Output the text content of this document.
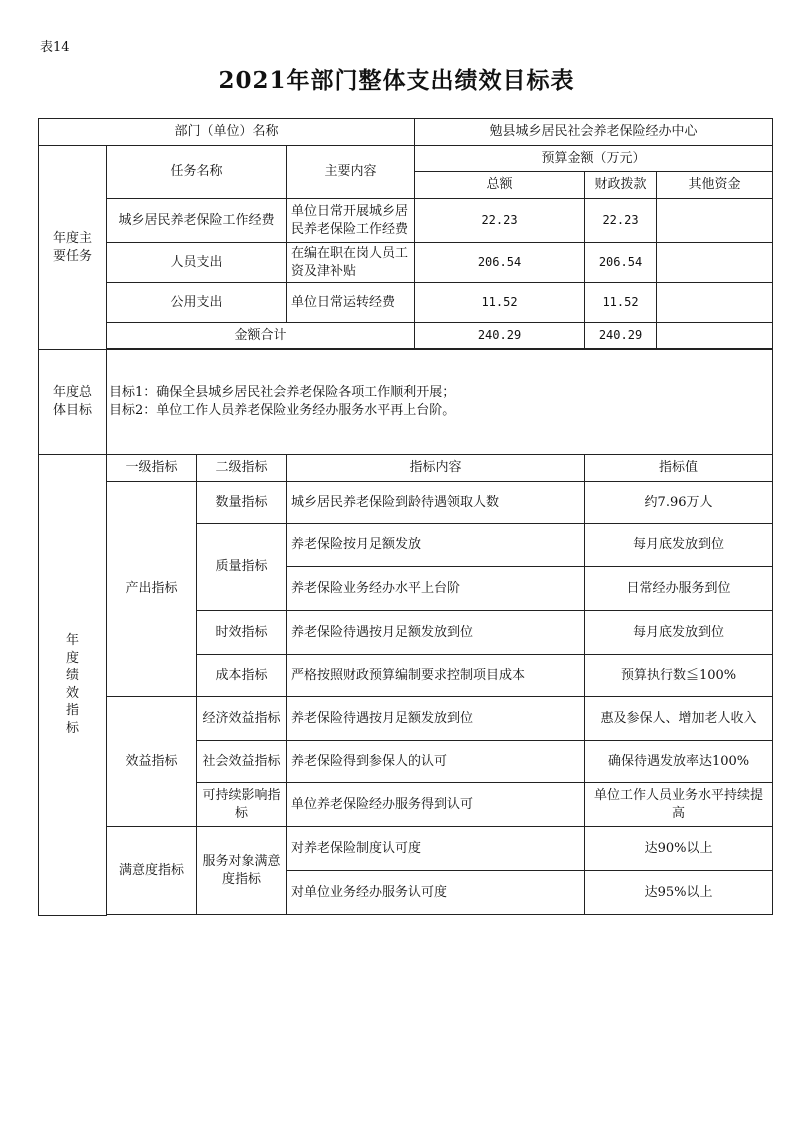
表14
2021年部门整体支出绩效目标表
部门（单位）名称				勉县城乡居民社会养老保险经办中心		
年度主要任务	任务名称		主要内容	预算金额（万元）		
				总额	财政拨款	其他资金
	城乡居民养老保险工作经费		单位日常开展城乡居民养老保险工作经费	22.23	22.23	
	人员支出		在编在职在岗人员工资及津补贴	206.54	206.54	
	公用支出		单位日常运转经费	11.52	11.52	
	金额合计			240.29	240.29	

年度总体目标	目标1：确保全县城乡居民社会养老保险各项工作顺利开展；
目标2：单位工作人员养老保险业务经办服务水平再上台阶。					

年度绩效指标	一级指标	二级指标	指标内容		指标值	
	产出指标	数量指标	城乡居民养老保险到龄待遇领取人数		约7.96万人	
		质量指标	养老保险按月足额发放		每月底发放到位	
			养老保险业务经办水平上台阶		日常经办服务到位	
		时效指标	养老保险待遇按月足额发放到位		每月底发放到位	
		成本指标	严格按照财政预算编制要求控制项目成本		预算执行数≦100%	
	效益指标	经济效益指标	养老保险待遇按月足额发放到位		惠及参保人、增加老人收入	
		社会效益指标	养老保险得到参保人的认可		确保待遇发放率达100%	
		可持续影响指标	单位养老保险经办服务得到认可		单位工作人员业务水平持续提高	
	满意度指标	服务对象满意度指标	对养老保险制度认可度		达90%以上	
			对单位业务经办服务认可度		达95%以上	
